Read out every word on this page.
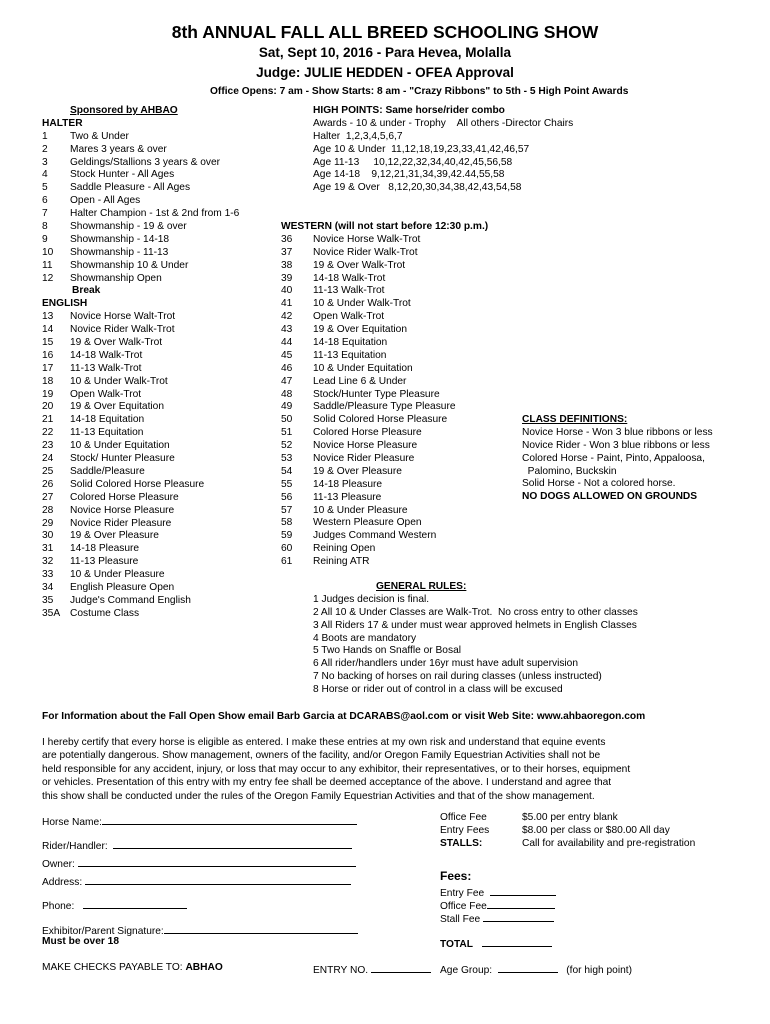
8th ANNUAL FALL ALL BREED SCHOOLING SHOW
Sat, Sept 10, 2016 - Para Hevea, Molalla
Judge: JULIE HEDDEN - OFEA Approval
Office Opens: 7 am - Show Starts: 8 am - "Crazy Ribbons" to 5th - 5 High Point Awards
Sponsored by AHBAO
HALTER
1 Two & Under
2 Mares 3 years & over
3 Geldings/Stallions 3 years & over
4 Stock Hunter - All Ages
5 Saddle Pleasure - All Ages
6 Open - All Ages
7 Halter Champion - 1st & 2nd from 1-6
8 Showmanship - 19 & over
9 Showmanship - 14-18
10 Showmanship - 11-13
11 Showmanship 10 & Under
12 Showmanship Open
Break
ENGLISH
13 Novice Horse Walt-Trot
14 Novice Rider Walk-Trot
15 19 & Over Walk-Trot
16 14-18 Walk-Trot
17 11-13 Walk-Trot
18 10 & Under Walk-Trot
19 Open Walk-Trot
20 19 & Over Equitation
21 14-18 Equitation
22 11-13 Equitation
23 10 & Under Equitation
24 Stock/ Hunter Pleasure
25 Saddle/Pleasure
26 Solid Colored Horse Pleasure
27 Colored Horse Pleasure
28 Novice Horse Pleasure
29 Novice Rider Pleasure
30 19 & Over Pleasure
31 14-18 Pleasure
32 11-13 Pleasure
33 10 & Under Pleasure
34 English Pleasure Open
35 Judge's Command English
35A Costume Class
HIGH POINTS: Same horse/rider combo
Awards - 10 & under - Trophy    All others -Director Chairs
Halter  1,2,3,4,5,6,7
Age 10 & Under  11,12,18,19,23,33,41,42,46,57
Age 11-13     10,12,22,32,34,40,42,45,56,58
Age 14-18    9,12,21,31,34,39,42.44,55,58
Age 19 & Over   8,12,20,30,34,38,42,43,54,58
WESTERN (will not start before 12:30 p.m.)
36 Novice Horse Walk-Trot
37 Novice Rider Walk-Trot
38 19 & Over Walk-Trot
39 14-18 Walk-Trot
40 11-13 Walk-Trot
41 10 & Under Walk-Trot
42 Open Walk-Trot
43 19 & Over Equitation
44 14-18 Equitation
45 11-13 Equitation
46 10 & Under Equitation
47 Lead Line 6 & Under
48 Stock/Hunter Type Pleasure
49 Saddle/Pleasure Type Pleasure
50 Solid Colored Horse Pleasure
51 Colored Horse Pleasure
52 Novice Horse Pleasure
53 Novice Rider Pleasure
54 19 & Over Pleasure
55 14-18 Pleasure
56 11-13 Pleasure
57 10 & Under Pleasure
58 Western Pleasure Open
59 Judges Command Western
60 Reining Open
61 Reining ATR
CLASS DEFINITIONS:
Novice Horse - Won 3 blue ribbons or less
Novice Rider - Won 3 blue ribbons or less
Colored Horse - Paint, Pinto, Appaloosa,
Palomino, Buckskin
Solid Horse - Not a colored horse.
NO DOGS ALLOWED ON GROUNDS
GENERAL RULES:
1 Judges decision is final.
2 All 10 & Under Classes are Walk-Trot.  No cross entry to other classes
3 All Riders 17 & under must wear approved helmets in English Classes
4 Boots are mandatory
5 Two Hands on Snaffle or Bosal
6 All rider/handlers under 16yr must have adult supervision
7 No backing of horses on rail during classes (unless instructed)
8 Horse or rider out of control in a class will be excused
For Information about the Fall Open Show email Barb Garcia at DCARABS@aol.com or visit Web Site: www.ahbaoregon.com
I hereby certify that every horse is eligible as entered. I make these entries at my own risk and understand that equine events
are potentially dangerous. Show management, owners of the facility, and/or Oregon Family Equestrian Activities shall not be
held responsible for any accident, injury, or loss that may occur to any exhibitor, their representatives, or to their horses, equipment
or vehicles. Presentation of this entry with my entry fee shall be deemed acceptance of the above. I understand and agree that
this show shall be conducted under the rules of the Oregon Family Equestrian Activities and that of the show management.
Horse Name:
Rider/Handler:
Owner:
Address:
Phone:
Exhibitor/Parent Signature:
Must be over 18
MAKE CHECKS PAYABLE TO: ABHAO	ENTRY NO.	Age Group:	(for high point)
Office Fee	$5.00 per entry blank
Entry Fees	$8.00 per class or $80.00 All day
STALLS:	Call for availability and pre-registration
Fees:
Entry Fee
Office Fee
Stall Fee
TOTAL
